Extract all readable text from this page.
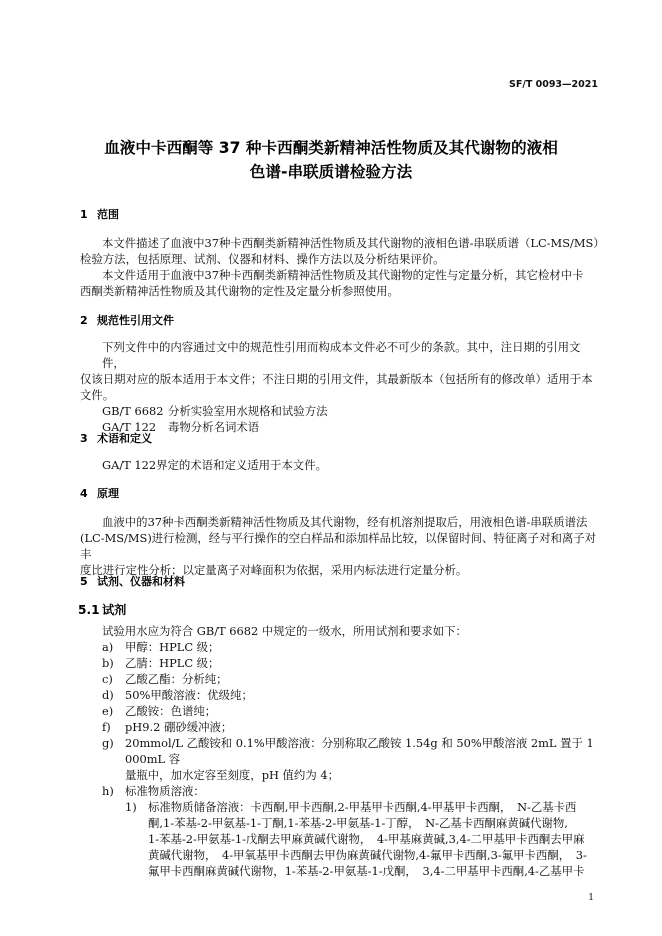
SF/T 0093—2021
血液中卡西酮等 37 种卡西酮类新精神活性物质及其代谢物的液相
色谱-串联质谱检验方法
1 范围
本文件描述了血液中37种卡西酮类新精神活性物质及其代谢物的液相色谱-串联质谱（LC-MS/MS）
检验方法，包括原理、试剂、仪器和材料、操作方法以及分析结果评价。
本文件适用于血液中37种卡西酮类新精神活性物质及其代谢物的定性与定量分析，其它检材中卡
西酮类新精神活性物质及其代谢物的定性及定量分析参照使用。
2 规范性引用文件
下列文件中的内容通过文中的规范性引用而构成本文件必不可少的条款。其中，注日期的引用文件，
仅该日期对应的版本适用于本文件；不注日期的引用文件，其最新版本（包括所有的修改单）适用于本
文件。
GB/T 6682 分析实验室用水规格和试验方法
GA/T 122 毒物分析名词术语
3 术语和定义
GA/T 122界定的术语和定义适用于本文件。
4 原理
血液中的37种卡西酮类新精神活性物质及其代谢物，经有机溶剂提取后，用液相色谱-串联质谱法
(LC-MS/MS)进行检测，经与平行操作的空白样品和添加样品比较，以保留时间、特征离子对和离子对丰
度比进行定性分析；以定量离子对峰面积为依据，采用内标法进行定量分析。
5 试剂、仪器和材料
5.1 试剂
试验用水应为符合 GB/T 6682 中规定的一级水，所用试剂和要求如下：
a)	甲醇：HPLC 级；
b) 乙腈：HPLC 级；
c)	乙酸乙酯：分析纯；
d) 50%甲酸溶液：优级纯；
e)	乙酸铵：色谱纯；
f)	pH9.2 硼砂缓冲液；
g) 20mmol/L 乙酸铵和 0.1%甲酸溶液：分别称取乙酸铵 1.54g 和 50%甲酸溶液 2mL 置于 1000mL 容
量瓶中，加水定容至刻度，pH 值约为 4；
h) 标准物质溶液：
1) 标准物质储备溶液：卡西酮,甲卡西酮,2-甲基甲卡西酮,4-甲基甲卡西酮，　N-乙基卡西
酮,1-苯基-2-甲氨基-1-丁酮,1-苯基-2-甲氨基-1-丁醇，　N-乙基卡西酮麻黄碱代谢物,
1-苯基-2-甲氨基-1-戊酮去甲麻黄碱代谢物，　4-甲基麻黄碱,3,4-二甲基甲卡西酮去甲麻
黄碱代谢物，　4-甲氧基甲卡西酮去甲伪麻黄碱代谢物,4-氟甲卡西酮,3-氟甲卡西酮，　3-
氟甲卡西酮麻黄碱代谢物，1-苯基-2-甲氨基-1-戊酮，　3,4-二甲基甲卡西酮,4-乙基甲卡
1
